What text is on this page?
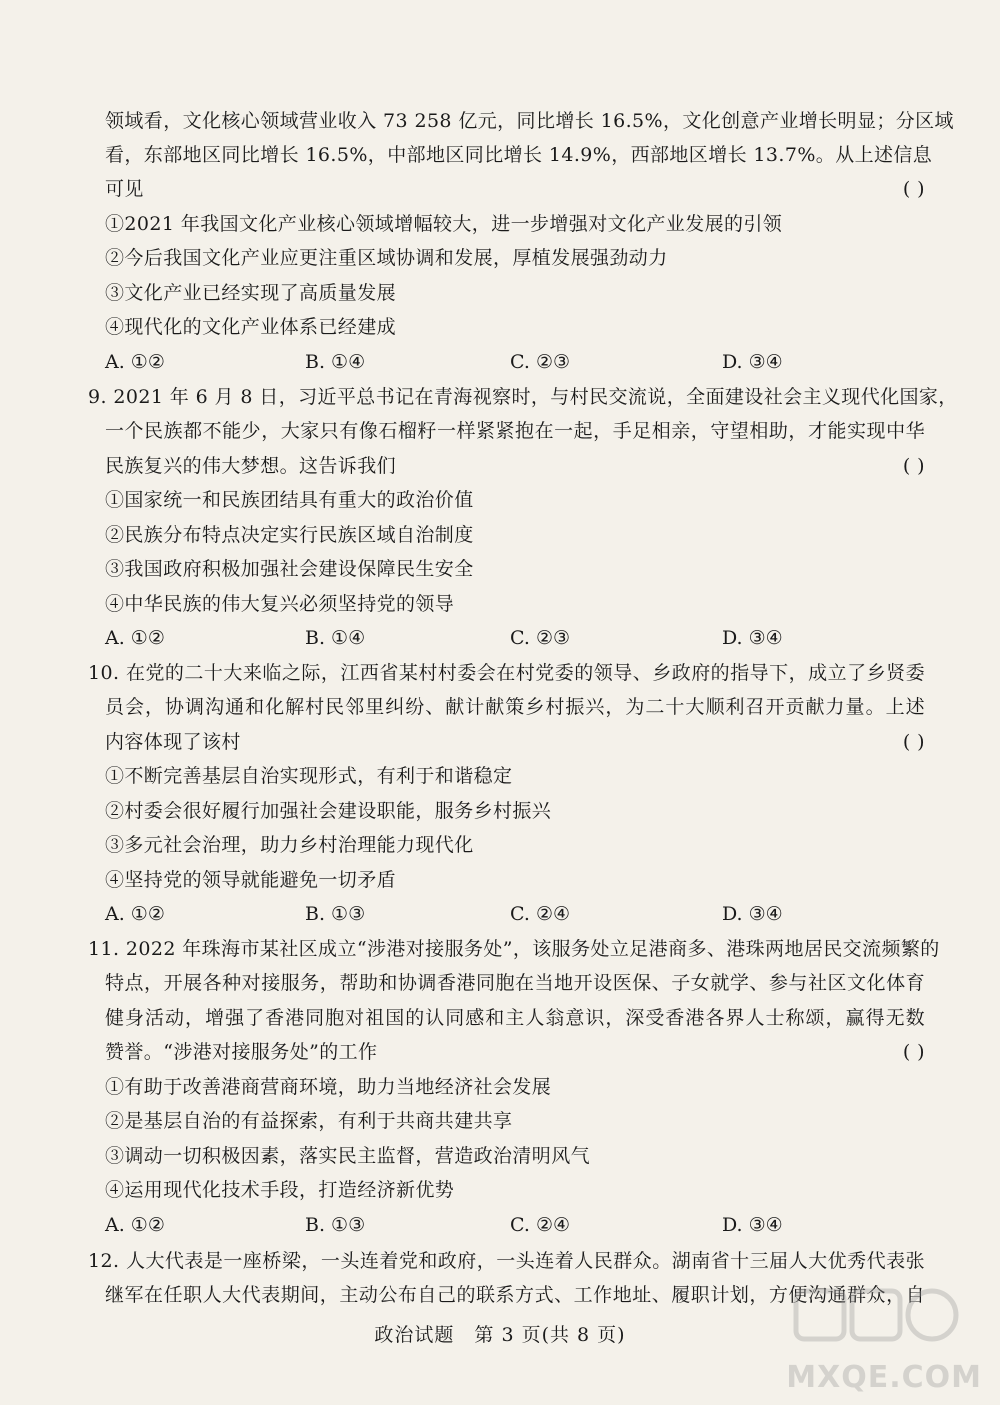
领域看，文化核心领域营业收入 73 258 亿元，同比增长 16.5%，文化创意产业增长明显；分区域
看，东部地区同比增长 16.5%，中部地区同比增长 14.9%，西部地区增长 13.7%。从上述信息
可见	( )
①2021 年我国文化产业核心领域增幅较大，进一步增强对文化产业发展的引领
②今后我国文化产业应更注重区域协调和发展，厚植发展强劲动力
③文化产业已经实现了高质量发展
④现代化的文化产业体系已经建成
A. ①②	B. ①④	C. ②③	D. ③④
9. 2021 年 6 月 8 日，习近平总书记在青海视察时，与村民交流说，全面建设社会主义现代化国家，
一个民族都不能少，大家只有像石榴籽一样紧紧抱在一起，手足相亲，守望相助，才能实现中华
民族复兴的伟大梦想。这告诉我们	( )
①国家统一和民族团结具有重大的政治价值
②民族分布特点决定实行民族区域自治制度
③我国政府积极加强社会建设保障民生安全
④中华民族的伟大复兴必须坚持党的领导
A. ①②	B. ①④	C. ②③	D. ③④
10. 在党的二十大来临之际，江西省某村村委会在村党委的领导、乡政府的指导下，成立了乡贤委
员会，协调沟通和化解村民邻里纠纷、献计献策乡村振兴，为二十大顺利召开贡献力量。上述
内容体现了该村	( )
①不断完善基层自治实现形式，有利于和谐稳定
②村委会很好履行加强社会建设职能，服务乡村振兴
③多元社会治理，助力乡村治理能力现代化
④坚持党的领导就能避免一切矛盾
A. ①②	B. ①③	C. ②④	D. ③④
11. 2022 年珠海市某社区成立“涉港对接服务处”，该服务处立足港商多、港珠两地居民交流频繁的
特点，开展各种对接服务，帮助和协调香港同胞在当地开设医保、子女就学、参与社区文化体育
健身活动，增强了香港同胞对祖国的认同感和主人翁意识，深受香港各界人士称颂，赢得无数
赞誉。“涉港对接服务处”的工作	( )
①有助于改善港商营商环境，助力当地经济社会发展
②是基层自治的有益探索，有利于共商共建共享
③调动一切积极因素，落实民主监督，营造政治清明风气
④运用现代化技术手段，打造经济新优势
A. ①②	B. ①③	C. ②④	D. ③④
12. 人大代表是一座桥梁，一头连着党和政府，一头连着人民群众。湖南省十三届人大优秀代表张
继军在任职人大代表期间，主动公布自己的联系方式、工作地址、履职计划，方便沟通群众，自
政治试题　第 3 页(共 8 页)
MXQE.COM
